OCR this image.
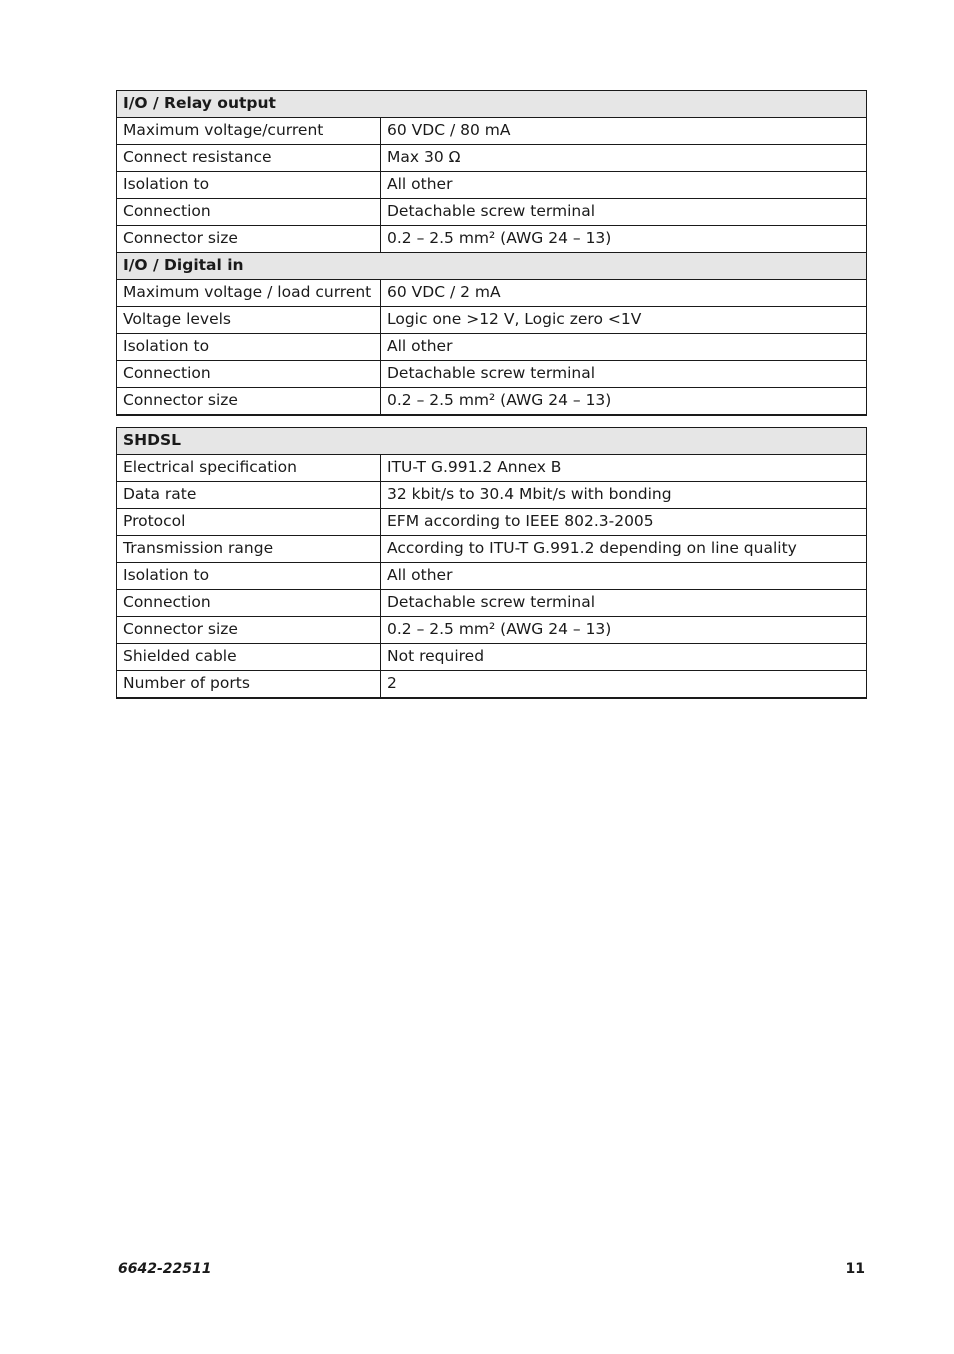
I/O / Relay output	
Maximum voltage/current	60 VDC / 80 mA
Connect resistance	Max 30 Ω
Isolation to	All other
Connection	Detachable screw terminal
Connector size	0.2 – 2.5 mm² (AWG 24 – 13)
I/O / Digital in	
Maximum voltage / load current	60 VDC / 2 mA
Voltage levels	Logic one >12 V, Logic zero <1V
Isolation to	All other
Connection	Detachable screw terminal
Connector size	0.2 – 2.5 mm² (AWG 24 – 13)
SHDSL	
Electrical specification	ITU-T G.991.2 Annex B
Data rate	32 kbit/s to 30.4 Mbit/s with bonding
Protocol	EFM according to IEEE 802.3-2005
Transmission range	According to ITU-T G.991.2 depending on line quality
Isolation to	All other
Connection	Detachable screw terminal
Connector size	0.2 – 2.5 mm² (AWG 24 – 13)
Shielded cable	Not required
Number of ports	2
6642-22511	11
